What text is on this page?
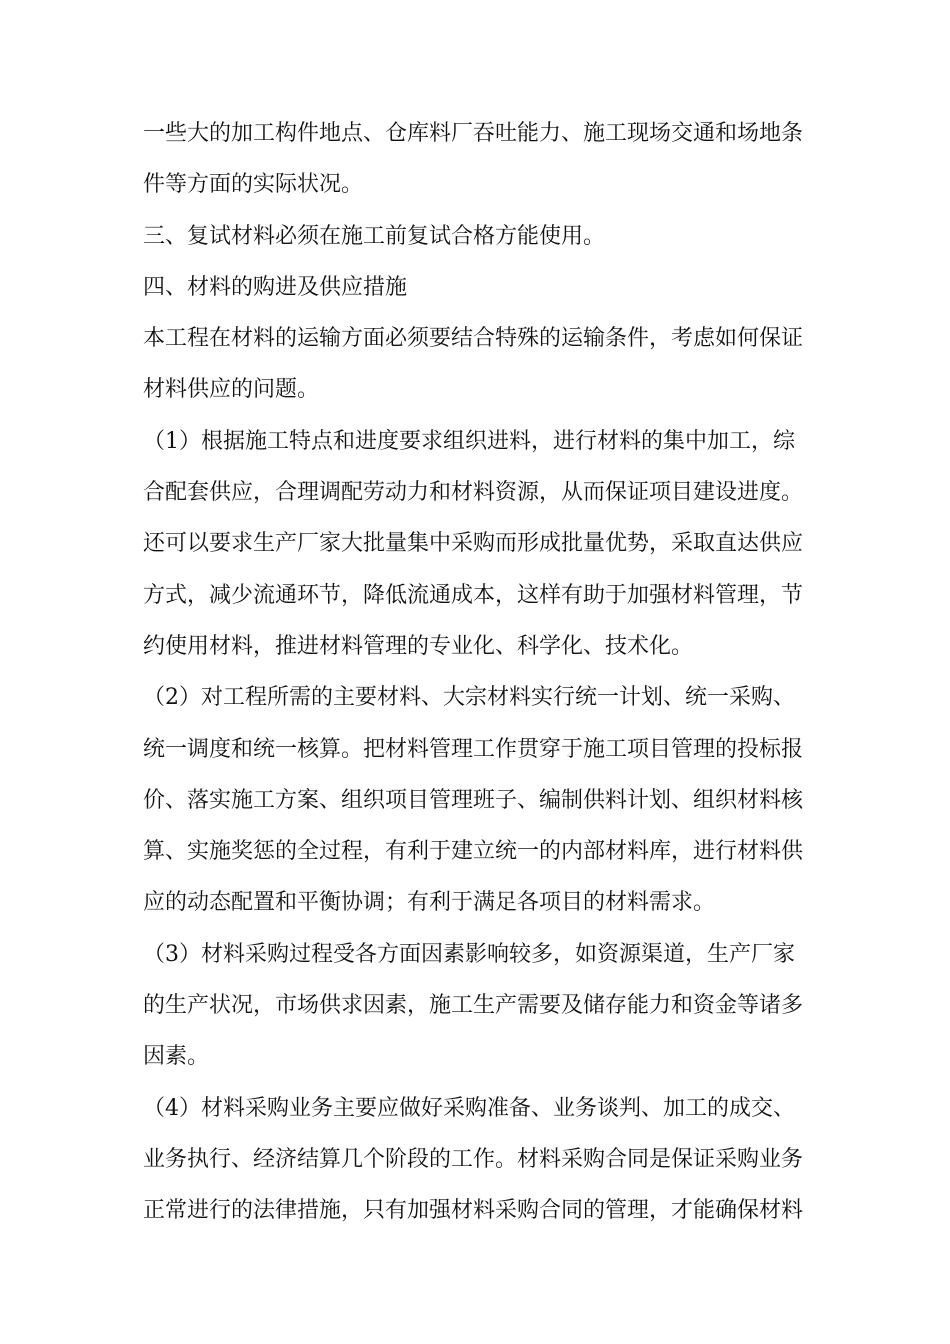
一些大的加工构件地点、仓库料厂吞吐能力、施工现场交通和场地条
件等方面的实际状况。
三、复试材料必须在施工前复试合格方能使用。
四、材料的购进及供应措施
本工程在材料的运输方面必须要结合特殊的运输条件，考虑如何保证
材料供应的问题。
（1）根据施工特点和进度要求组织进料，进行材料的集中加工，综
合配套供应，合理调配劳动力和材料资源，从而保证项目建设进度。
还可以要求生产厂家大批量集中采购而形成批量优势，采取直达供应
方式，减少流通环节，降低流通成本，这样有助于加强材料管理，节
约使用材料，推进材料管理的专业化、科学化、技术化。
（2）对工程所需的主要材料、大宗材料实行统一计划、统一采购、
统一调度和统一核算。把材料管理工作贯穿于施工项目管理的投标报
价、落实施工方案、组织项目管理班子、编制供料计划、组织材料核
算、实施奖惩的全过程，有利于建立统一的内部材料库，进行材料供
应的动态配置和平衡协调；有利于满足各项目的材料需求。
（3）材料采购过程受各方面因素影响较多，如资源渠道，生产厂家
的生产状况，市场供求因素，施工生产需要及储存能力和资金等诸多
因素。
（4）材料采购业务主要应做好采购准备、业务谈判、加工的成交、
业务执行、经济结算几个阶段的工作。材料采购合同是保证采购业务
正常进行的法律措施，只有加强材料采购合同的管理，才能确保材料
